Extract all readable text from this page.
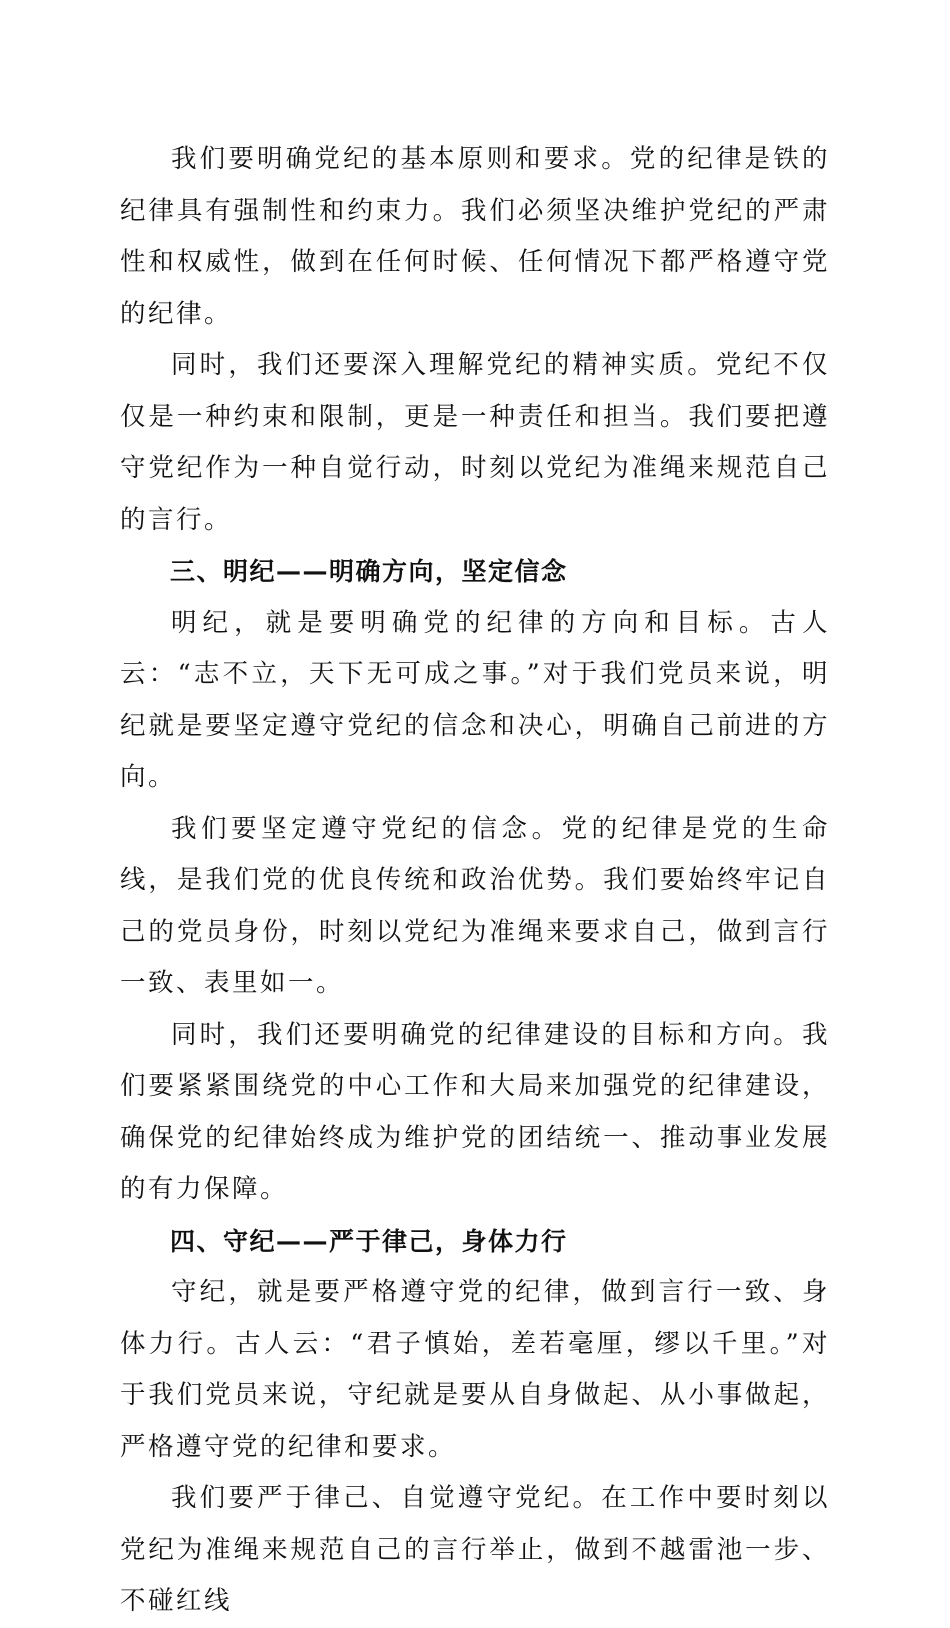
我们要明确党纪的基本原则和要求。党的纪律是铁的纪律具有强制性和约束力。我们必须坚决维护党纪的严肃性和权威性，做到在任何时候、任何情况下都严格遵守党的纪律。

同时，我们还要深入理解党纪的精神实质。党纪不仅仅是一种约束和限制，更是一种责任和担当。我们要把遵守党纪作为一种自觉行动，时刻以党纪为准绳来规范自己的言行。

三、明纪——明确方向，坚定信念

明纪，就是要明确党的纪律的方向和目标。古人云：“志不立，天下无可成之事。”对于我们党员来说，明纪就是要坚定遵守党纪的信念和决心，明确自己前进的方向。

我们要坚定遵守党纪的信念。党的纪律是党的生命线，是我们党的优良传统和政治优势。我们要始终牢记自己的党员身份，时刻以党纪为准绳来要求自己，做到言行一致、表里如一。

同时，我们还要明确党的纪律建设的目标和方向。我们要紧紧围绕党的中心工作和大局来加强党的纪律建设，确保党的纪律始终成为维护党的团结统一、推动事业发展的有力保障。

四、守纪——严于律己，身体力行

守纪，就是要严格遵守党的纪律，做到言行一致、身体力行。古人云：“君子慎始，差若毫厘，缪以千里。”对于我们党员来说，守纪就是要从自身做起、从小事做起，严格遵守党的纪律和要求。

我们要严于律己、自觉遵守党纪。在工作中要时刻以党纪为准绳来规范自己的言行举止，做到不越雷池一步、不碰红线
